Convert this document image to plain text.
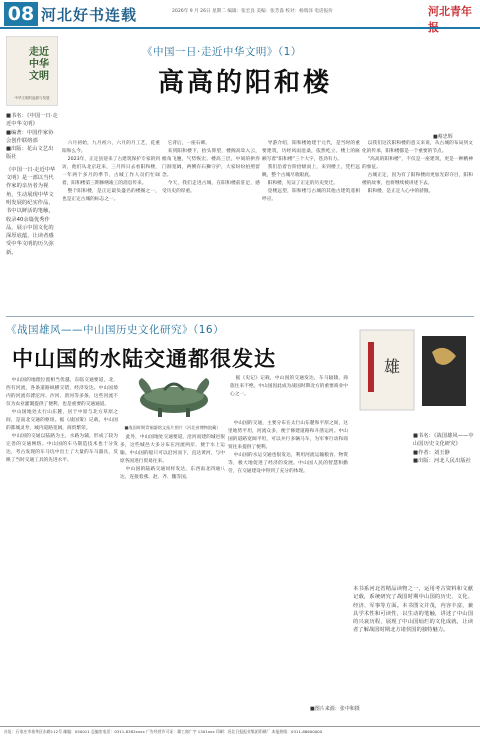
08 河北好书连载	2026年 9 月 26日 星期二 编辑：张宏良 美编：张芳淼 校对：杨瑞泽 电话报价	河北青年报
走近中华文明
中华文明的起源与发展

■书名：《中国一日·走近中华文明》

■编著：中国作家协会创作联络部

■出版：花山文艺出版社

《中国一日·走近中华文明》是一部以当代作家的亲历者为视角，生动展现中华文明发展的纪实作品，书中以鲜活的笔触，收录40余篇优秀作品，展示中国文化的深厚底蕴，让读者感受中华文明的历久弥新。

《中国一日·走近中华文明》（1）
高高的阳和楼
■蔡忠辉

六月初始，九月初六，六月的月工艺，花重阳和么今。

2023年，正定县迎来了古建筑保护专家的到访，他们从北京赶来，三月四日去看阳和楼，一年两个多月的季节，古城工作人员们忙碌着，阳和楼第三期修缮竣工的消息传来。

整个阳和楼，是正定最负盛名的楼阁之一，也是正定古城的标志之一。

它背后，一座石碑。

来到阳和楼下，抬头仰望，楼阁高耸入云，檐角飞翘，气势恢宏。楼高三层，中间的拱券门洞宽阔，两侧有石狮守护，大家纷纷拍照留念。

今天，我们走进古城，在阳和楼前驻足，感受历史的厚重。

导游介绍，阳和楼始建于元代，是当时的重要建筑，历经风雨沧桑，依然屹立。楼上的匾额写着“阳和楼”三个大字，苍劲有力。

我们沿着台阶拾级而上，来到楼上，凭栏远眺，整个古城尽收眼底。

阳和楼，见证了正定的历史变迁。

登楼远望，阳和楼与古城的其他古建筑遥相呼应。

以我们这次阳和楼的意义来说，从古城的布局到文化的传承，阳和楼都是一个重要的节点。

“高高的阳和楼”，不仅是一座建筑，更是一种精神的象征。

古城正定，因为有了阳和楼而更加光彩夺目，阳和楼的故事，也将继续被讲述下去。

阳和楼，是正定人心中的骄傲。

《战国雄风——中山国历史文化研究》（16）
中山国的水陆交通都很发达

中山国的地理位置相当优越，东临交通要道，北、西有河流，各条道路纵横交错，经济发达。中山国境内的河流有滹沱河、沙河、唐河等多条，这些河流不仅为农业灌溉提供了便利，也是重要的交通通道。

中山国地处太行山东麓，居于中原与北方草原之间，是南北交通的枢纽。据《战国策》记载，中山国的都城灵寿，城内道路宽阔，商贸繁荣。

中山国的交通以陆路为主，水路为辅，形成了较为完善的交通网络。中山国的车马制造技术也十分发达，考古发现的车马坑中出土了大量的车马器具，反映了当时交通工具的先进水平。

■战国时期青铜器铭文拓片图片（河北省博物院藏）

此外，中山国地处交通要道，沿河而建的城邑很多，这些城邑大多分布在河流两岸，便于水上运输。中山国的船只可以沿河而下，直达黄河，与中原各国进行贸易往来。

中山国的陆路交通同样发达，东西南北四通八达，连接着燕、赵、齐、魏等国。

据《史记》记载，中山国的交通发达，车马辐辏，商旅往来不绝。中山国因此成为战国时期北方的重要商业中心之一。

中山国的交通，主要分布在太行山东麓和平原之间，这里地势平坦，河流众多，便于修建道路和开凿运河。中山国的道路宽阔平坦，可以并行多辆马车，为军事行动和商贸往来提供了便利。

中山国的水运交通也很发达，利用河流运输粮食、物资等，极大地促进了经济的发展。中山国人民的智慧和勤劳，在交通建设中得到了充分的体现。

■图片来源：张中和摄
雄

■书名：《战国雄风——中山国历史文化研究》

■作者：刘玉静

■出版：河北人民出版社

本书系河北省精品读物之一，运用考古资料和文献记载，系统研究了战国时期中山国的历史、文化、经济、军事等方面。本书图文并茂，内容丰富，兼具学术性和可读性，以生动的笔触，讲述了中山国的兴衰历程，展现了中山国灿烂的文化成就，让读者了解战国时期北方诸侯国的独特魅力。
社址：石家庄市裕华区东路112号 邮编：050011 总编室电话：0311-8382xxxx 广告经营许可证：冀工商广字 1301xxx 印刷：河北日报报业集团印刷厂 本报热线：0311-88600000
